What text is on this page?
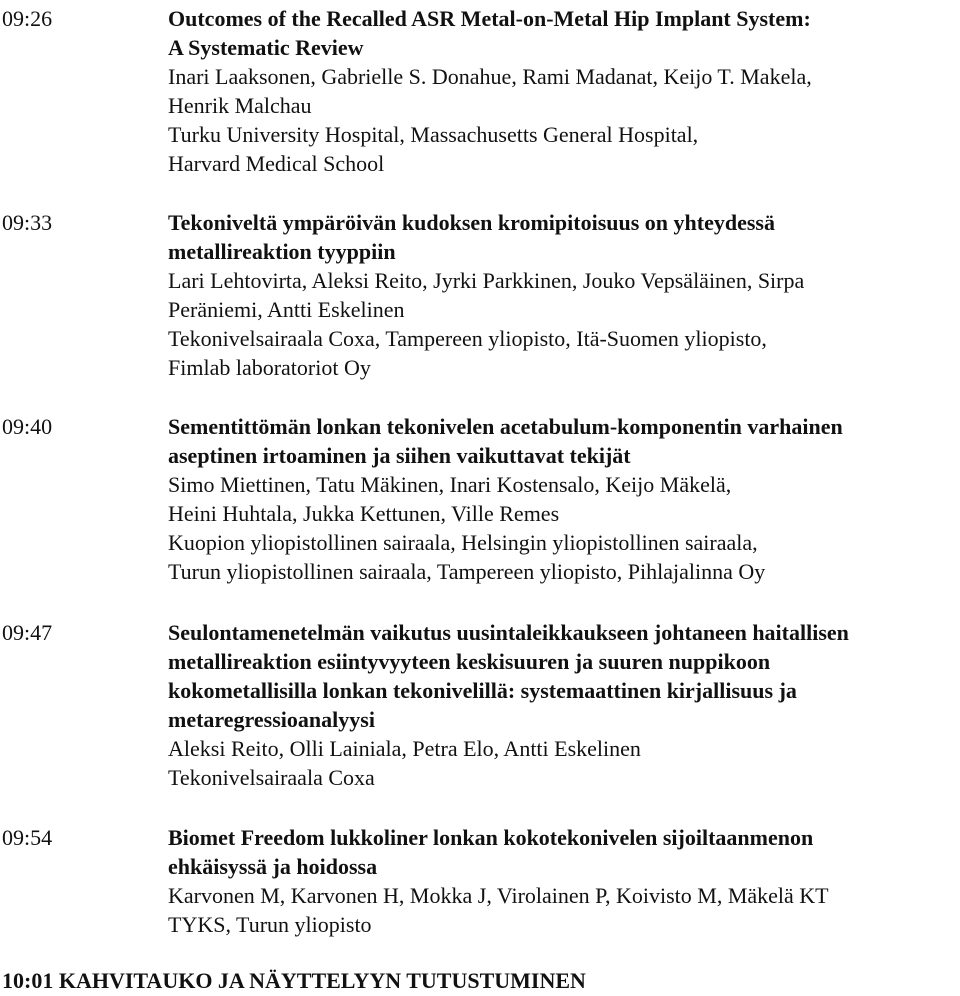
09:26	Outcomes of the Recalled ASR Metal-on-Metal Hip Implant System:
A Systematic Review
Inari Laaksonen, Gabrielle S. Donahue, Rami Madanat, Keijo T. Makela,
Henrik Malchau
Turku University Hospital, Massachusetts General Hospital,
Harvard Medical School
09:33	Tekoniveltä ympäröivän kudoksen kromipitoisuus on yhteydessä
metallireaktion tyyppiin
Lari Lehtovirta, Aleksi Reito, Jyrki Parkkinen, Jouko Vepsäläinen, Sirpa
Peräniemi, Antti Eskelinen
Tekonivelsairaala Coxa, Tampereen yliopisto, Itä-Suomen yliopisto,
Fimlab laboratoriot Oy
09:40	Sementittömän lonkan tekonivelen acetabulum-komponentin varhainen
aseptinen irtoaminen ja siihen vaikuttavat tekijät
Simo Miettinen, Tatu Mäkinen, Inari Kostensalo, Keijo Mäkelä,
Heini Huhtala, Jukka Kettunen, Ville Remes
Kuopion yliopistollinen sairaala, Helsingin yliopistollinen sairaala,
Turun yliopistollinen sairaala, Tampereen yliopisto, Pihlajalinna Oy
09:47	Seulontamenetelmän vaikutus uusintaleikkaukseen johtaneen haitallisen
metallireaktion esiintyvyyteen keskisuuren ja suuren nuppikoon
kokometallisilla lonkan tekonivelillä: systemaattinen kirjallisuus ja
metaregressioanalyysi
Aleksi Reito, Olli Lainiala, Petra Elo, Antti Eskelinen
Tekonivelsairaala Coxa
09:54	Biomet Freedom lukkoliner lonkan kokotekonivelen sijoiltaanmenon
ehkäisyssä ja hoidossa
Karvonen M, Karvonen H, Mokka J, Virolainen P, Koivisto M, Mäkelä KT
TYKS, Turun yliopisto
10:01 KAHVITAUKO JA NÄYTTELYYN TUTUSTUMINEN
